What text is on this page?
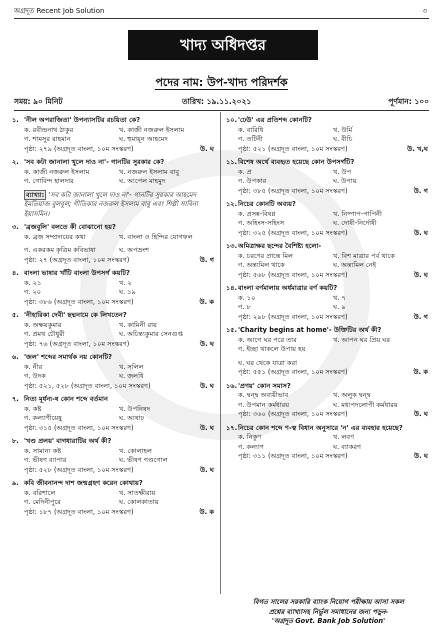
অগ্রদূত Recent Job Solution	৩
খাদ্য অধিদপ্তর
পদের নাম: উপ-খাদ্য পরিদর্শক
সময়: ৯০ মিনিট	তারিখ: ১৯.১১.২০২১	পূর্ণমান: ১০০
১. 'নীল অপরাজিতা' উপন্যাসটির রচয়িতা কে?
ক. রবীন্দ্রনাথ ঠাকুর	খ. কাজী নজরুল ইসলাম
গ. শামসুর রাহমান	ঘ. হুমায়ূন আহমেদ
পৃষ্ঠা: ২৭৯ (অগ্রদূত বাংলা, ১০ম সংস্করণ)	উ. ঘ
২. 'সব কটা জানালা খুলে দাও না'- গানটির সুরকার কে?
ক. কাজী নজরুল ইসলাম	খ. নজরুল ইসলাম বাবু
গ. গোবিন্দ হালদার	ঘ. আপেল মাহমুদ
ব্যাখ্যা: 'সব কটা জানালা খুলে দাও না'- গানটির সুরকার আহমেদ ইমতিয়াজ বুলবুল; গীতিকার নজরুল ইসলাম বাবু এবং শিল্পী সাবিনা ইয়াসমিন।
৩. 'ব্রজবুলি' বলতে কী বোঝানো হয়?
ক. ব্রজ সম্প্রদায়ের কথা	খ. বাংলা ও হিন্দির যোগফল
গ. একরকম কৃত্রিম কবিভাষা	ঘ. অপভ্রংশ
পৃষ্ঠা: ২৭ (অগ্রদূত বাংলা, ১০ম সংস্করণ)	উ. গ
৪. বাংলা ভাষার খাঁটি বাংলা উপসর্গ কয়টি?
ক. ২১	খ. ২
গ. ২০	ঘ. ১৯
পৃষ্ঠা: ৩৮৬ (অগ্রদূত বাংলা, ১০ম সংস্করণ)	উ. ক
৫. 'নীহারিকা দেবী' ছদ্মনামে কে লিখতেন?
ক. অক্ষয়কুমার	খ. কামিনী রায়
গ. প্রমথ চৌধুরী	ঘ. অচিন্ত্যকুমার সেনগুপ্ত
পৃষ্ঠা: ৭৬ (অগ্রদূত বাংলা, ১০ম সংস্করণ)	উ. ঘ
৬. 'জল' শব্দের সমার্থক নয় কোনটি?
ক. নীর	খ. সলিল
গ. উদক	ঘ. জলধি
পৃষ্ঠা: ৫২১, ৫২৮ (অগ্রদূত বাংলা, ১০ম সংস্করণ)	উ. ঘ
৭. নিত্য মূর্ধন্য-ষ কোন শব্দে বর্তমান
ক. কষ্ট	খ. উপনিষদ
গ. কল্যাণীয়েষু	ঘ. আষাঢ়
পৃষ্ঠা: ৩১৫ (অগ্রদূত বাংলা, ১০ম সংস্করণ)	উ. ঘ
৮. 'খণ্ড প্রলয়' বাগধারাটির অর্থ কী?
ক. সামান্য কষ্ট	খ. কোলাহল
গ. ভীষণ ব্যাপার	ঘ. ভীষণ গণ্ডগোল
পৃষ্ঠা: ৫২৮ (অগ্রদূত বাংলা, ১০ম সংস্করণ)	উ. ঘ
৯. কবি জীবনানন্দ দাশ জন্মগ্রহণ করেন কোথায়?
ক. বরিশালে	খ. সাতক্ষীরায়
গ. মেদিনীপুরে	ঘ. কোলকাতায়
পৃষ্ঠা: ১৮৭ (অগ্রদূত বাংলা, ১০ম সংস্করণ)	উ. ক
১০. 'ঢেউ' এর প্রতিশব্দ কোনটি?
ক. বারিধি	খ. উর্মি
গ. তটিনী	ঘ. বীচি
পৃষ্ঠা: ৫২১ (অগ্রদূত বাংলা, ১০ম সংস্করণ)	উ. খ,ঘ
১১. বিশেষ অর্থে ব্যবহৃত হয়েছে কোন উপসর্গটি?
ক. প্র	খ. উপ
গ. উপকার	ঘ. উপায়
পৃষ্ঠা: ৩৮৫ (অগ্রদূত বাংলা, ১০ম সংস্করণ)	উ. গ
১২. নিচের কোনটি অব্যয়?
ক. প্রসন্ন-বিষণ্ণ	খ. নিষ্পাপ-পাপিনী
গ. অহিংস-সহিংস	ঘ. দোষী-নির্দোষী
পৃষ্ঠা: ৩২৫ (অগ্রদূত বাংলা, ১০ম সংস্করণ)	উ. ঘ
১৩. অমিত্রাক্ষর ছন্দের বৈশিষ্ট্য হলো-
ক. চরণের প্রান্তে মিল	খ. বিশ মাত্রার পর্ব থাকে
গ. অন্ত্যমিল থাকে	ঘ. অন্ত্যমিল নেই
পৃষ্ঠা: ৫৬৮ (অগ্রদূত বাংলা, ১০ম সংস্করণ)	উ. ঘ
১৪. বাংলা বর্ণমালায় অর্ধমাত্রার বর্ণ কয়টি?
ক. ১০	খ. ৭
গ. ৮	ঘ. ৯
পৃষ্ঠা: ২৯৮ (অগ্রদূত বাংলা, ১০ম সংস্করণ)	উ. গ
১৫. 'Charity begins at home'- উক্তিটির অর্থ কী?
ক. আগে ঘর পরে তার	খ. আপন ঘর প্রিয় ঘর
গ. ইচ্ছা থাকলে উপায় হয়
ঘ. ঘর থেকে যাত্রা করা
পৃষ্ঠা: ৫৫১ (অগ্রদূত বাংলা, ১০ম সংস্করণ)	উ. ক
১৬. 'প্রণয়' কোন সমাস?
ক. দ্বন্দ্ব অব্যয়ীভাব	খ. অলুক দ্বন্দ্ব
গ. উপমান কর্মধারয়	ঘ. মধ্যপদলোপী কর্মধারয়
পৃষ্ঠা: ৩৬০ (অগ্রদূত বাংলা, ১০ম সংস্করণ)	উ. ঘ
১৭. নিচের কোন শব্দে ণ-ত্ব বিধান অনুসারে 'ন' এর ব্যবহার হয়েছে?
ক. নিকুণ	খ. লবণ
গ. কল্যাণ	ঘ. ব্যাকরণ
পৃষ্ঠা: ৩১১ (অগ্রদূত বাংলা, ১০ম সংস্করণ)	উ. ঘ
বিগত সালের সরকারি ব্যাংক নিয়োগ পরীক্ষায় আসা সকল
প্রশ্নের ব্যাখ্যাসহ নির্ভুল সমাধানের জন্য পড়ুন-
'অগ্রদূত Govt. Bank Job Solution'
